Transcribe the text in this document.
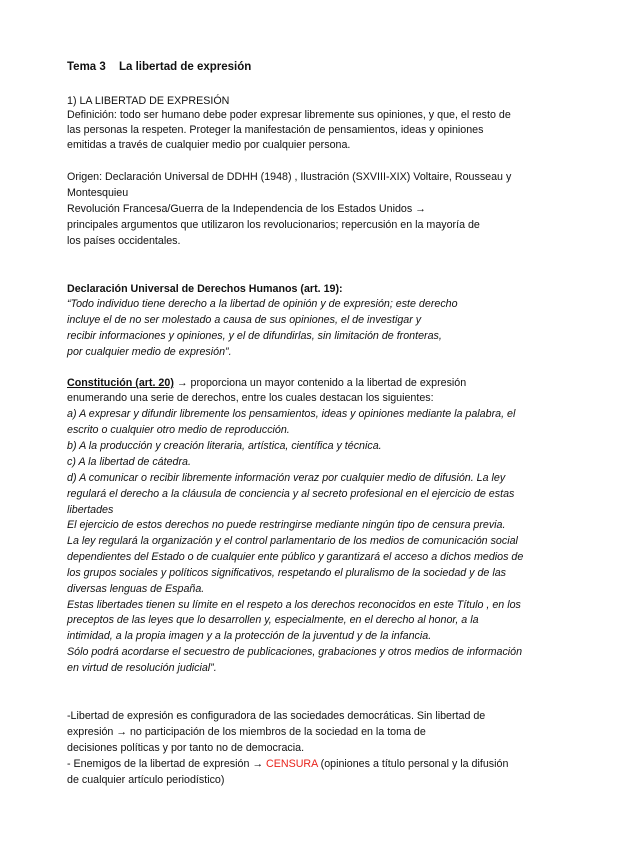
Tema 3 La libertad de expresión
1) LA LIBERTAD DE EXPRESIÓN
Definición: todo ser humano debe poder expresar libremente sus opiniones, y que, el resto de
las personas la respeten. Proteger la manifestación de pensamientos, ideas y opiniones
emitidas a través de cualquier medio por cualquier persona.
Origen: Declaración Universal de DDHH (1948) , Ilustración (SXVIII-XIX) Voltaire, Rousseau y
Montesquieu
Revolución Francesa/Guerra de la Independencia de los Estados Unidos →
principales argumentos que utilizaron los revolucionarios; repercusión en la mayoría de
los países occidentales.
Declaración Universal de Derechos Humanos (art. 19):
“Todo individuo tiene derecho a la libertad de opinión y de expresión; este derecho
incluye el de no ser molestado a causa de sus opiniones, el de investigar y
recibir informaciones y opiniones, y el de difundirlas, sin limitación de fronteras,
por cualquier medio de expresión”.
Constitución (art. 20) → proporciona un mayor contenido a la libertad de expresión
enumerando una serie de derechos, entre los cuales destacan los siguientes:
a) A expresar y difundir libremente los pensamientos, ideas y opiniones mediante la palabra, el
escrito o cualquier otro medio de reproducción.
b) A la producción y creación literaria, artística, científica y técnica.
c) A la libertad de cátedra.
d) A comunicar o recibir libremente información veraz por cualquier medio de difusión. La ley
regulará el derecho a la cláusula de conciencia y al secreto profesional en el ejercicio de estas
libertades
El ejercicio de estos derechos no puede restringirse mediante ningún tipo de censura previa.
La ley regulará la organización y el control parlamentario de los medios de comunicación social
dependientes del Estado o de cualquier ente público y garantizará el acceso a dichos medios de
los grupos sociales y políticos significativos, respetando el pluralismo de la sociedad y de las
diversas lenguas de España.
Estas libertades tienen su límite en el respeto a los derechos reconocidos en este Título , en los
preceptos de las leyes que lo desarrollen y, especialmente, en el derecho al honor, a la
intimidad, a la propia imagen y a la protección de la juventud y de la infancia.
Sólo podrá acordarse el secuestro de publicaciones, grabaciones y otros medios de información
en virtud de resolución judicial”.
-Libertad de expresión es configuradora de las sociedades democráticas. Sin libertad de
expresión → no participación de los miembros de la sociedad en la toma de
decisiones políticas y por tanto no de democracia.
- Enemigos de la libertad de expresión → CENSURA (opiniones a título personal y la difusión
de cualquier artículo periodístico)
